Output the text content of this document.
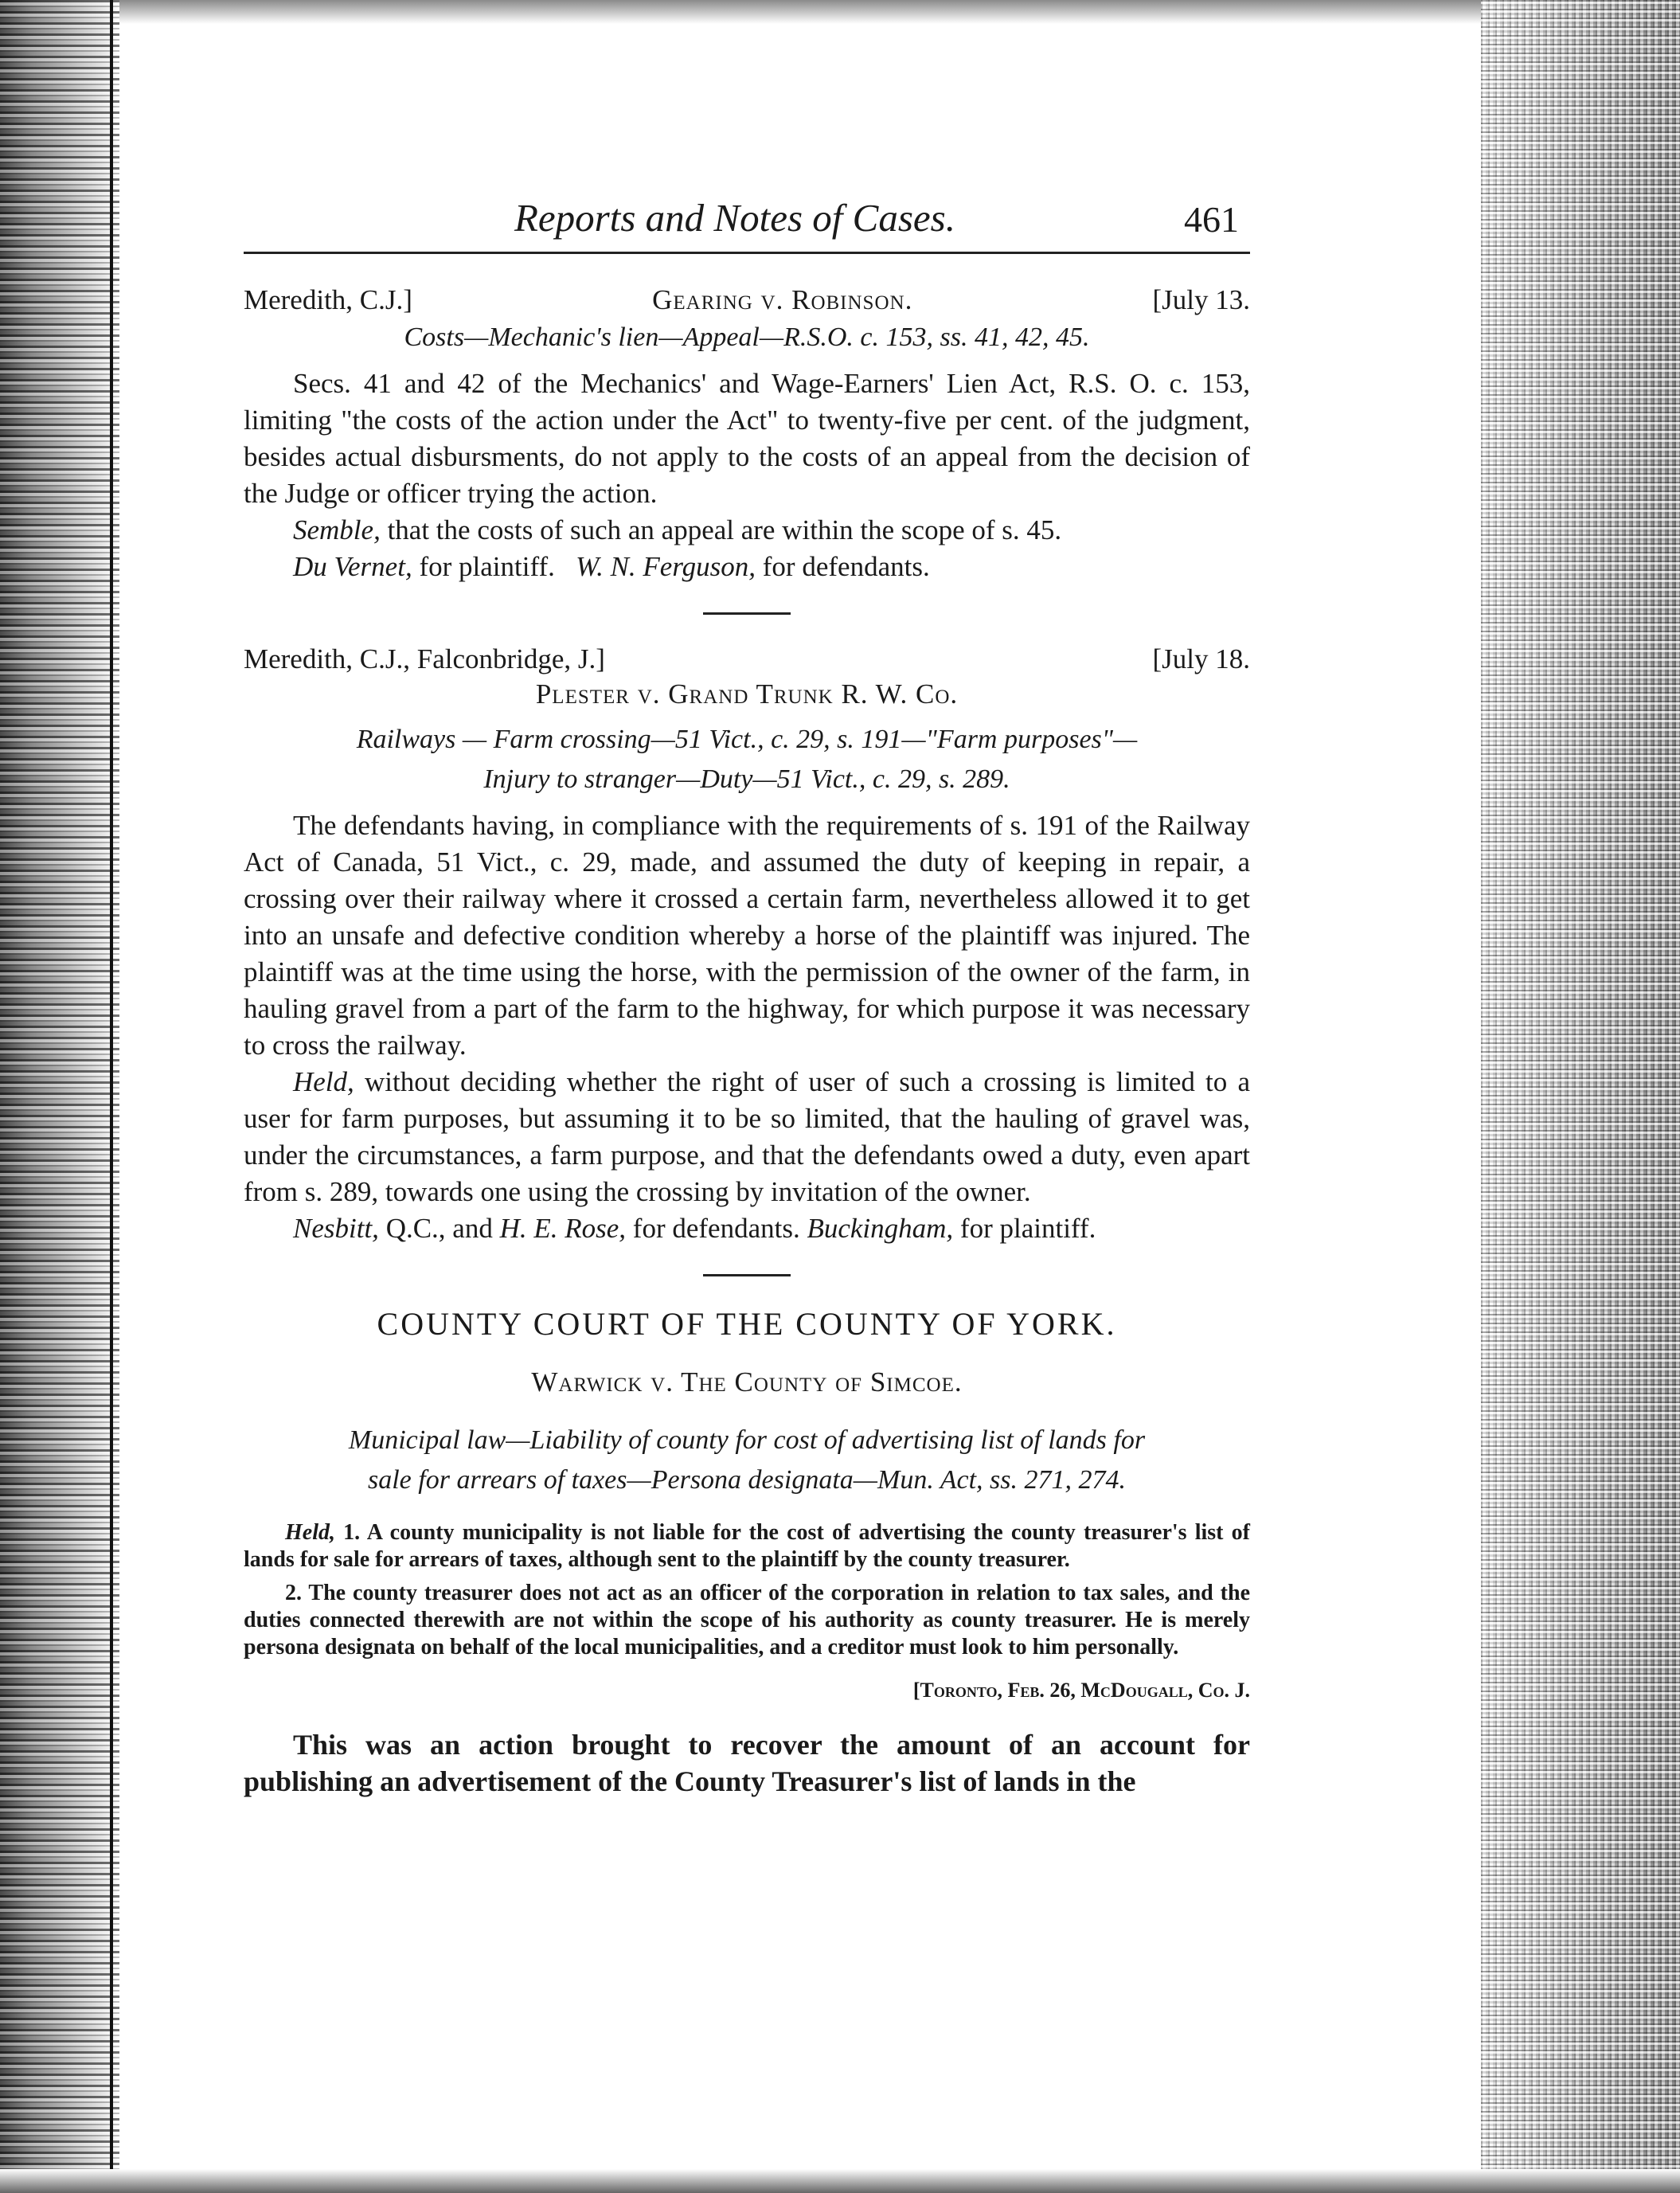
Reports and Notes of Cases.	461
Meredith, C.J.]	Gearing v. Robinson.	[July 13.
Costs—Mechanic's lien—Appeal—R.S.O. c. 153, ss. 41, 42, 45.

Secs. 41 and 42 of the Mechanics' and Wage-Earners' Lien Act, R.S. O. c. 153, limiting "the costs of the action under the Act" to twenty-five per cent. of the judgment, besides actual disbursments, do not apply to the costs of an appeal from the decision of the Judge or officer trying the action.

Semble, that the costs of such an appeal are within the scope of s. 45.

Du Vernet, for plaintiff. W. N. Ferguson, for defendants.

Meredith, C.J., Falconbridge, J.]	[July 18.
Plester v. Grand Trunk R. W. Co.
Railways — Farm crossing—51 Vict., c. 29, s. 191—"Farm purposes"—
Injury to stranger—Duty—51 Vict., c. 29, s. 289.

The defendants having, in compliance with the requirements of s. 191 of the Railway Act of Canada, 51 Vict., c. 29, made, and assumed the duty of keeping in repair, a crossing over their railway where it crossed a certain farm, nevertheless allowed it to get into an unsafe and defective condition whereby a horse of the plaintiff was injured. The plaintiff was at the time using the horse, with the permission of the owner of the farm, in hauling gravel from a part of the farm to the highway, for which purpose it was necessary to cross the railway.

Held, without deciding whether the right of user of such a crossing is limited to a user for farm purposes, but assuming it to be so limited, that the hauling of gravel was, under the circumstances, a farm purpose, and that the defendants owed a duty, even apart from s. 289, towards one using the crossing by invitation of the owner.

Nesbitt, Q.C., and H. E. Rose, for defendants. Buckingham, for plaintiff.

COUNTY COURT OF THE COUNTY OF YORK.
Warwick v. The County of Simcoe.
Municipal law—Liability of county for cost of advertising list of lands for
sale for arrears of taxes—Persona designata—Mun. Act, ss. 271, 274.

Held, 1. A county municipality is not liable for the cost of advertising the county treasurer's list of lands for sale for arrears of taxes, although sent to the plaintiff by the county treasurer.

2. The county treasurer does not act as an officer of the corporation in relation to tax sales, and the duties connected therewith are not within the scope of his authority as county treasurer. He is merely persona designata on behalf of the local municipalities, and a creditor must look to him personally.

[Toronto, Feb. 26, McDougall, Co. J.

This was an action brought to recover the amount of an account for publishing an advertisement of the County Treasurer's list of lands in the
